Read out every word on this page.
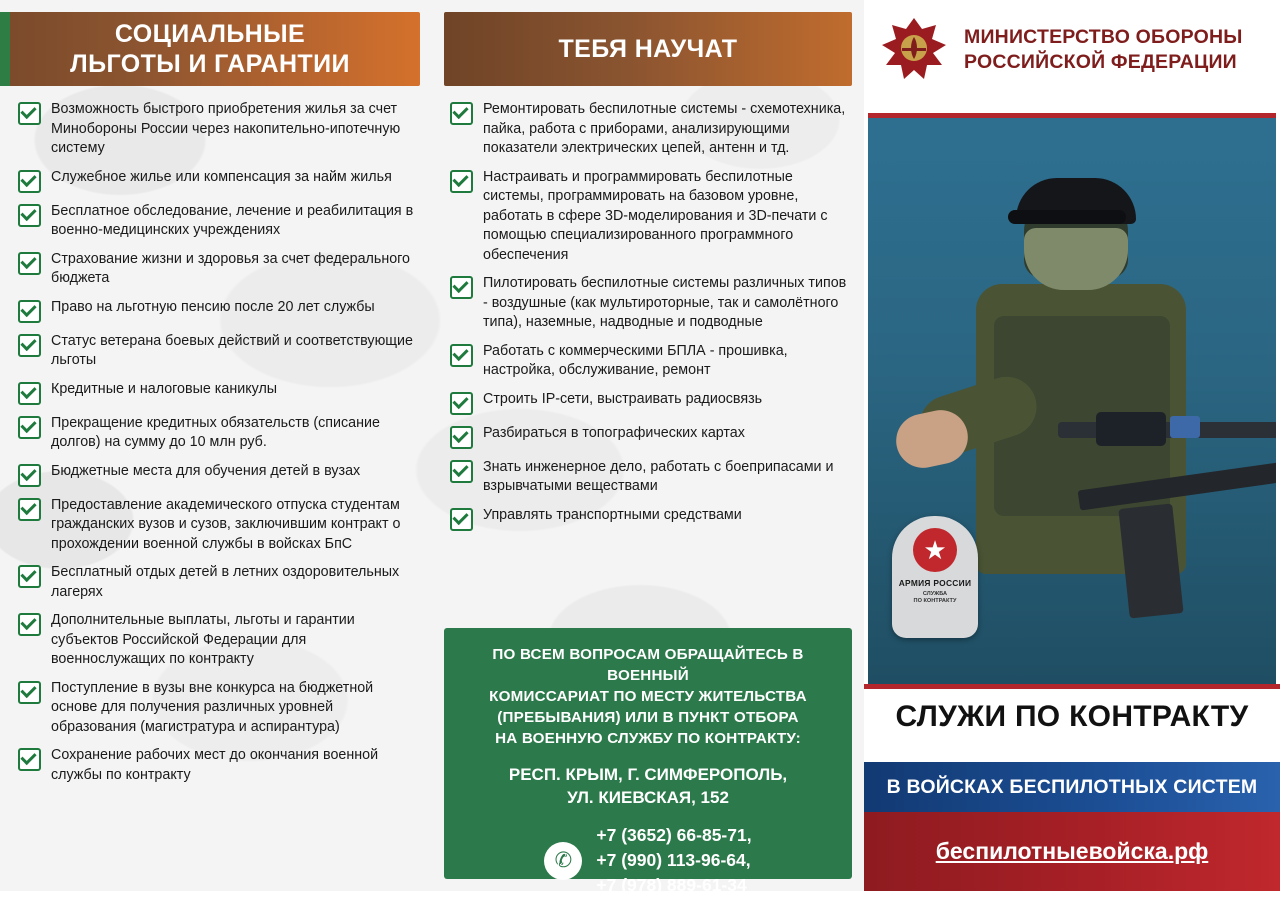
СОЦИАЛЬНЫЕ
ЛЬГОТЫ И ГАРАНТИИ
Возможность быстрого приобретения жилья за счет Минобороны России через накопительно-ипотечную систему
Служебное жилье или компенсация за найм жилья
Бесплатное обследование, лечение и реабилитация в военно-медицинских учреждениях
Страхование жизни и здоровья за счет федерального бюджета
Право на льготную пенсию после 20 лет службы
Статус ветерана боевых действий и соответствующие льготы
Кредитные и налоговые каникулы
Прекращение кредитных обязательств (списание долгов) на сумму до 10 млн руб.
Бюджетные места для обучения детей в вузах
Предоставление академического отпуска студентам гражданских вузов и сузов, заключившим контракт о прохождении военной службы в войсках БпС
Бесплатный отдых детей в летних оздоровительных лагерях
Дополнительные выплаты, льготы и гарантии субъектов Российской Федерации для военнослужащих по контракту
Поступление в вузы вне конкурса на бюджетной основе для получения различных уровней образования (магистратура и аспирантура)
Сохранение рабочих мест до окончания военной службы по контракту
ТЕБЯ НАУЧАТ
Ремонтировать беспилотные системы - схемотехника, пайка, работа с приборами, анализирующими показатели электрических цепей, антенн и тд.
Настраивать и программировать беспилотные системы, программировать на базовом уровне, работать в сфере 3D-моделирования и 3D-печати с помощью специализированного программного обеспечения
Пилотировать беспилотные системы различных типов - воздушные (как мультироторные, так и самолётного типа), наземные, надводные и подводные
Работать с коммерческими БПЛА - прошивка, настройка, обслуживание, ремонт
Строить IP-сети, выстраивать радиосвязь
Разбираться в топографических картах
Знать инженерное дело, работать с боеприпасами и взрывчатыми веществами
Управлять транспортными средствами
ПО ВСЕМ ВОПРОСАМ ОБРАЩАЙТЕСЬ В ВОЕННЫЙ
КОМИССАРИАТ ПО МЕСТУ ЖИТЕЛЬСТВА
(ПРЕБЫВАНИЯ) ИЛИ В ПУНКТ ОТБОРА
НА ВОЕННУЮ СЛУЖБУ ПО КОНТРАКТУ:
РЕСП. КРЫМ, Г. СИМФЕРОПОЛЬ,
УЛ. КИЕВСКАЯ, 152
✆
+7 (3652) 66-85-71,
+7 (990) 113-96-64,
+7 (978) 889-61-34
МИНИСТЕРСТВО ОБОРОНЫ
РОССИЙСКОЙ ФЕДЕРАЦИИ
★
АРМИЯ РОССИИ
СЛУЖБА
ПО КОНТРАКТУ
СЛУЖИ ПО КОНТРАКТУ
В ВОЙСКАХ БЕСПИЛОТНЫХ СИСТЕМ
беспилотныевойска.рф
